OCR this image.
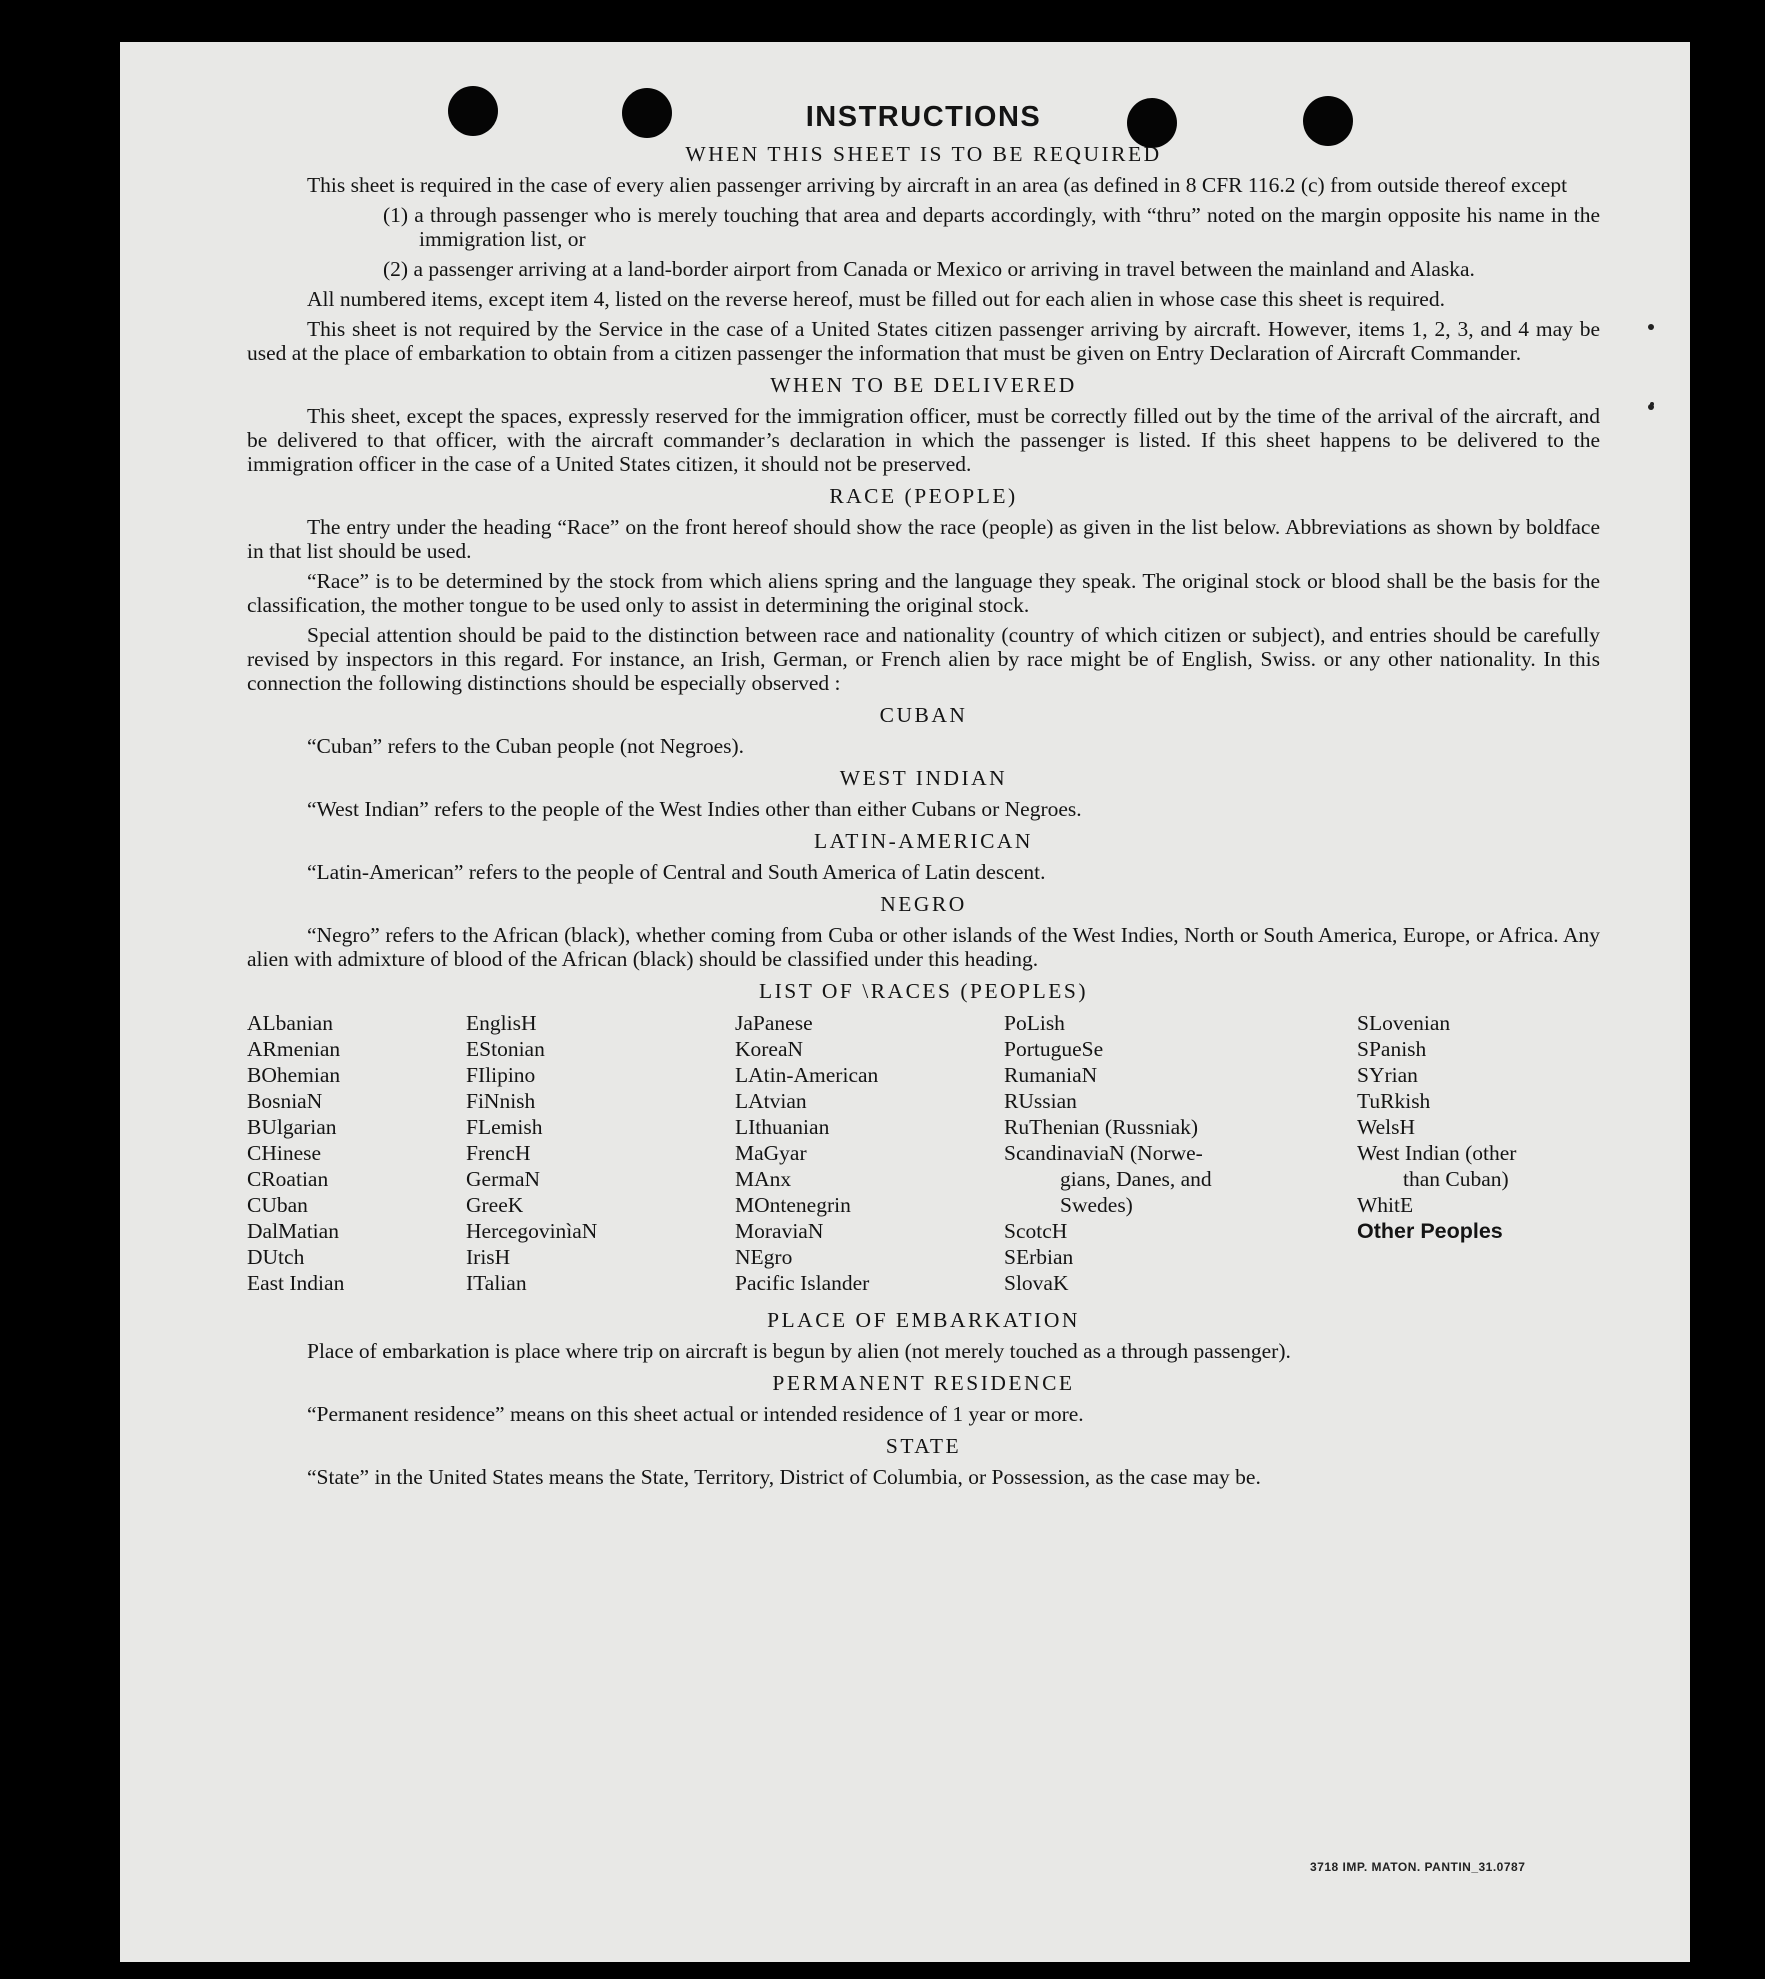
INSTRUCTIONS
WHEN THIS SHEET IS TO BE REQUIRED

This sheet is required in the case of every alien passenger arriving by aircraft in an area (as defined in 8 CFR 116.2 (c) from outside thereof except

(1) a through passenger who is merely touching that area and departs accordingly, with “thru” noted on the margin opposite his name in the immigration list, or
(2) a passenger arriving at a land-border airport from Canada or Mexico or arriving in travel between the mainland and Alaska.

All numbered items, except item 4, listed on the reverse hereof, must be filled out for each alien in whose case this sheet is required.

This sheet is not required by the Service in the case of a United States citizen passenger arriving by aircraft. However, items 1, 2, 3, and 4 may be used at the place of embarkation to obtain from a citizen passenger the information that must be given on Entry Declaration of Aircraft Commander.

WHEN TO BE DELIVERED

This sheet, except the spaces, expressly reserved for the immigration officer, must be correctly filled out by the time of the arrival of the aircraft, and be delivered to that officer, with the aircraft commander’s declaration in which the passenger is listed. If this sheet happens to be delivered to the immigration officer in the case of a United States citizen, it should not be preserved.

RACE (PEOPLE)

The entry under the heading “Race” on the front hereof should show the race (people) as given in the list below. Abbreviations as shown by boldface in that list should be used.

“Race” is to be determined by the stock from which aliens spring and the language they speak. The original stock or blood shall be the basis for the classification, the mother tongue to be used only to assist in determining the original stock.

Special attention should be paid to the distinction between race and nationality (country of which citizen or subject), and entries should be carefully revised by inspectors in this regard. For instance, an Irish, German, or French alien by race might be of English, Swiss. or any other nationality. In this connection the following distinctions should be especially observed :

CUBAN

“Cuban” refers to the Cuban people (not Negroes).

WEST INDIAN

“West Indian” refers to the people of the West Indies other than either Cubans or Negroes.

LATIN-AMERICAN

“Latin-American” refers to the people of Central and South America of Latin descent.

NEGRO

“Negro” refers to the African (black), whether coming from Cuba or other islands of the West Indies, North or South America, Europe, or Africa. Any alien with admixture of blood of the African (black) should be classified under this heading.

LIST OF \RACES (PEOPLES)
ALbanian
ARmenian
BOhemian
BosniaN
BUlgarian
CHinese
CRoatian
CUban
DalMatian
DUtch
East Indian
EnglisH
EStonian
FIlipino
FiNnish
FLemish
FrencH
GermaN
GreeK
HercegovinìaN
IrisH
ITalian
JaPanese
KoreaN
LAtin-American
LAtvian
LIthuanian
MaGyar
MAnx
MOntenegrin
MoraviaN
NEgro
Pacific Islander
PoLish
PortugueSe
RumaniaN
RUssian
RuThenian (Russniak)
ScandinaviaN (Norwe-
gians, Danes, and
Swedes)
ScotcH
SErbian
SlovaK
SLovenian
SPanish
SYrian
TuRkish
WelsH
West Indian (other
than Cuban)
WhitE
Other Peoples
PLACE OF EMBARKATION

Place of embarkation is place where trip on aircraft is begun by alien (not merely touched as a through passenger).

PERMANENT RESIDENCE

“Permanent residence” means on this sheet actual or intended residence of 1 year or more.

STATE

“State” in the United States means the State, Territory, District of Columbia, or Possession, as the case may be.

3718 IMP. MATON. PANTIN_31.0787
